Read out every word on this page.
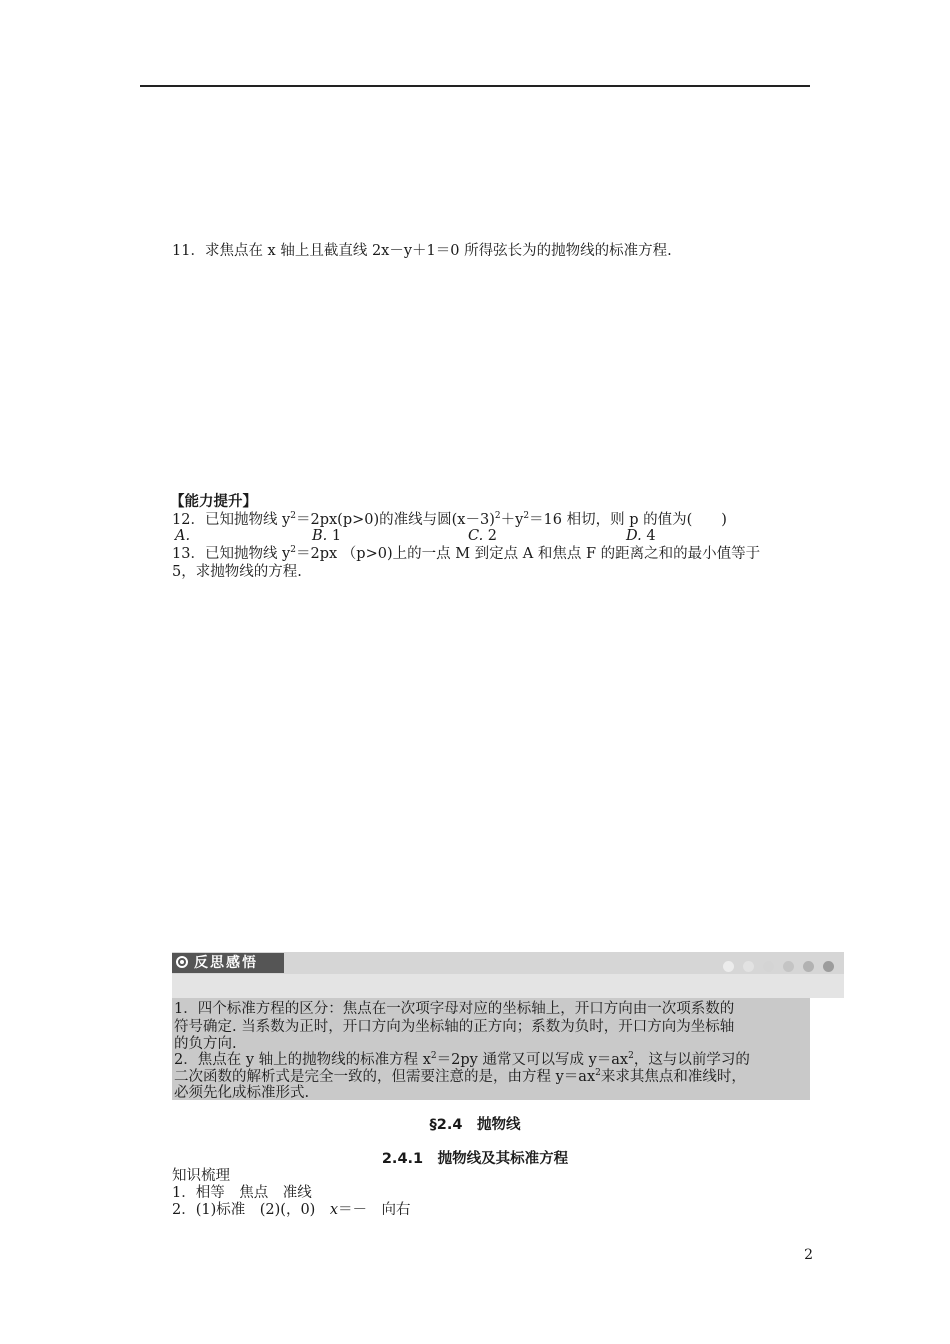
11．求焦点在 x 轴上且截直线 2x－y＋1＝0 所得弦长为的抛物线的标准方程.
【能力提升】
12．已知抛物线 $y^2=2px(p>0)$的准线与圆$(x-3)^2+y^2=16$ 相切，则 p 的值为(　　)
A.	B. 1	C. 2	D. 4
13．已知抛物线 $y^2=2px$ （p>0)上的一点 M 到定点 A 和焦点 F 的距离之和的最小值等于
5，求抛物线的方程.
反思感悟
1．四个标准方程的区分：焦点在一次项字母对应的坐标轴上，开口方向由一次项系数的
符号确定. 当系数为正时，开口方向为坐标轴的正方向；系数为负时，开口方向为坐标轴
的负方向.
2．焦点在 y 轴上的抛物线的标准方程 $x^2=2py$ 通常又可以写成 $y=ax^2$，这与以前学习的
二次函数的解析式是完全一致的，但需要注意的是，由方程 $y=ax^2$来求其焦点和准线时，
必须先化成标准形式.
§2.4　抛物线
2.4.1　抛物线及其标准方程
知识梳理
1．相等　焦点　准线
2．(1)标准　(2)(，0)　x＝－　向右
2
